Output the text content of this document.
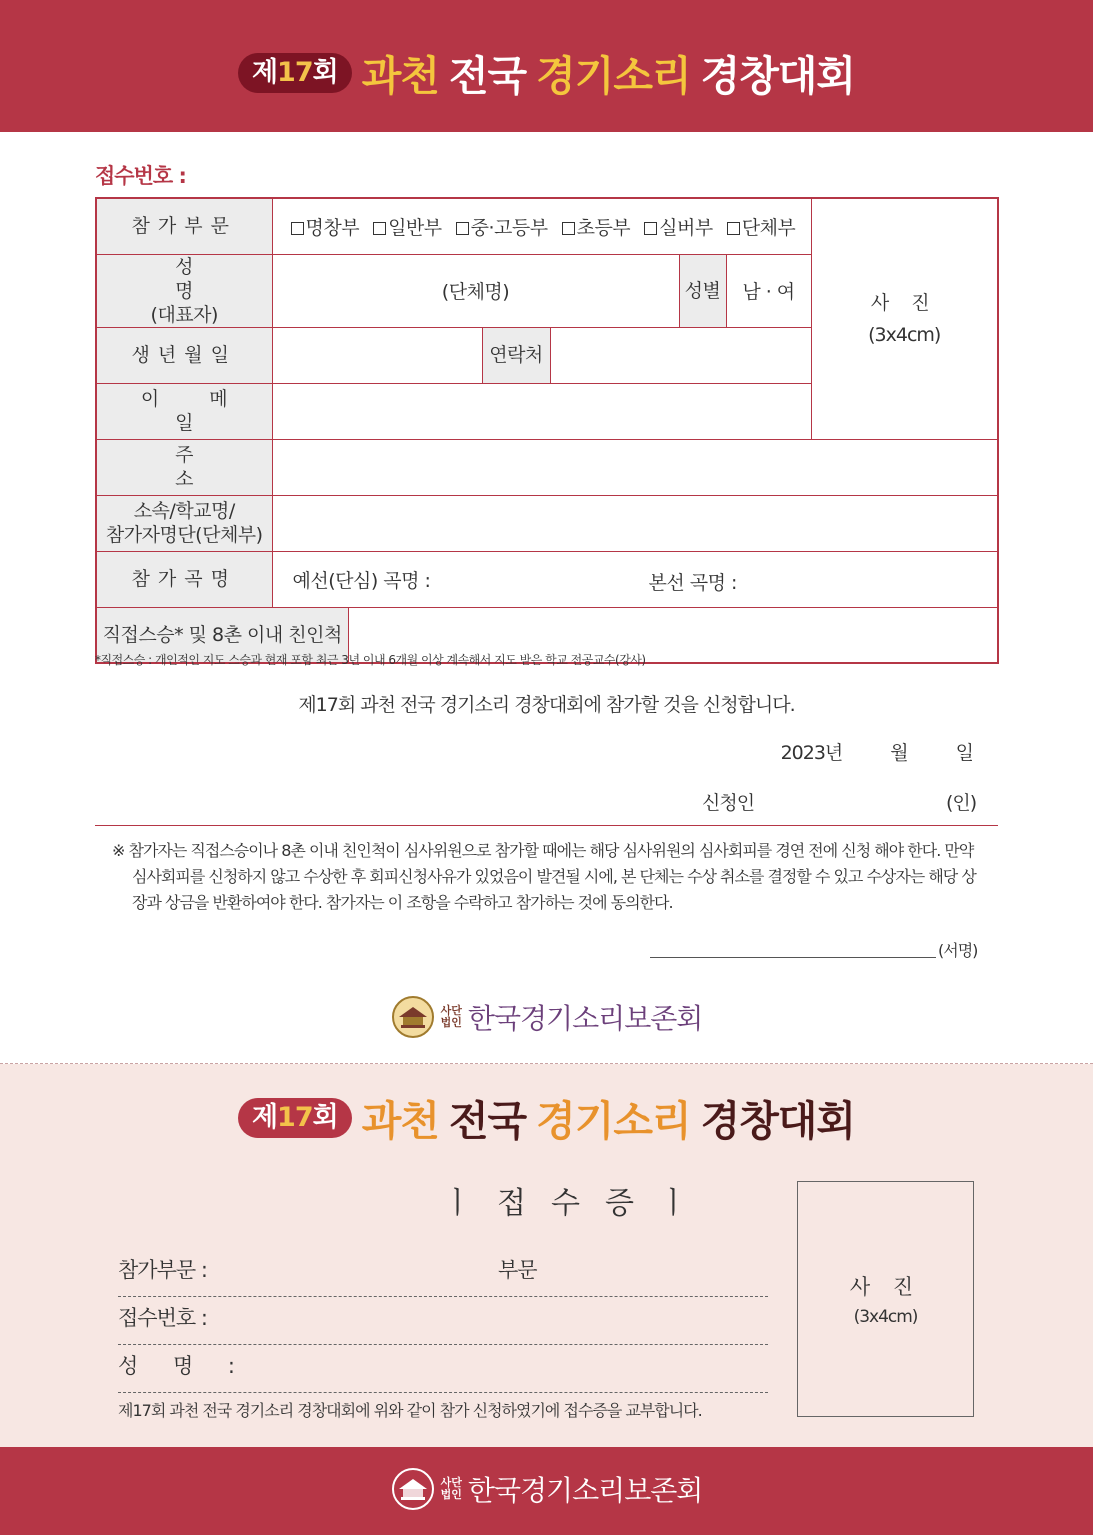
제17회 과천 전국 경기소리 경창대회
접수번호 :
참가부문	명창부 일반부 중·고등부 초등부 실버부 단체부						사 진
(3x4cm)

성 명
(대표자)	(단체명)				성별	남 · 여	
생년월일			연락처				
이 메 일							
주 소							

소속/학교명/
참가자명단(단체부)							

참가곡명	예선(단심) 곡명 : 본선 곡명 :						

직접스승* 및 8촌 이내 친인척							
*직접스승 : 개인적인 지도 스승과 현재 포함 최근 3년 이내 6개월 이상 계속해서 지도 받은 학교 전공교수(강사)
제17회 과천 전국 경기소리 경창대회에 참가할 것을 신청합니다.
2023년	월	일
신청인	(인)
※ 참가자는 직접스승이나 8촌 이내 친인척이 심사위원으로 참가할 때에는 해당 심사위원의 심사회피를 경연 전에 신청 해야 한다. 만약 심사회피를 신청하지 않고 수상한 후 회피신청사유가 있었음이 발견될 시에, 본 단체는 수상 취소를 결정할 수 있고 수상자는 해당 상장과 상금을 반환하여야 한다. 참가자는 이 조항을 수락하고 참가하는 것에 동의한다.
(서명)
사단
법인 한국경기소리보존회
제17회 과천 전국 경기소리 경창대회
ㅣ접수증ㅣ
참가부문 :	부문
접수번호 :
성 명 :
제17회 과천 전국 경기소리 경창대회에 위와 같이 참가 신청하였기에 접수증을 교부합니다.
사 진
(3x4cm)
사단
법인 한국경기소리보존회
